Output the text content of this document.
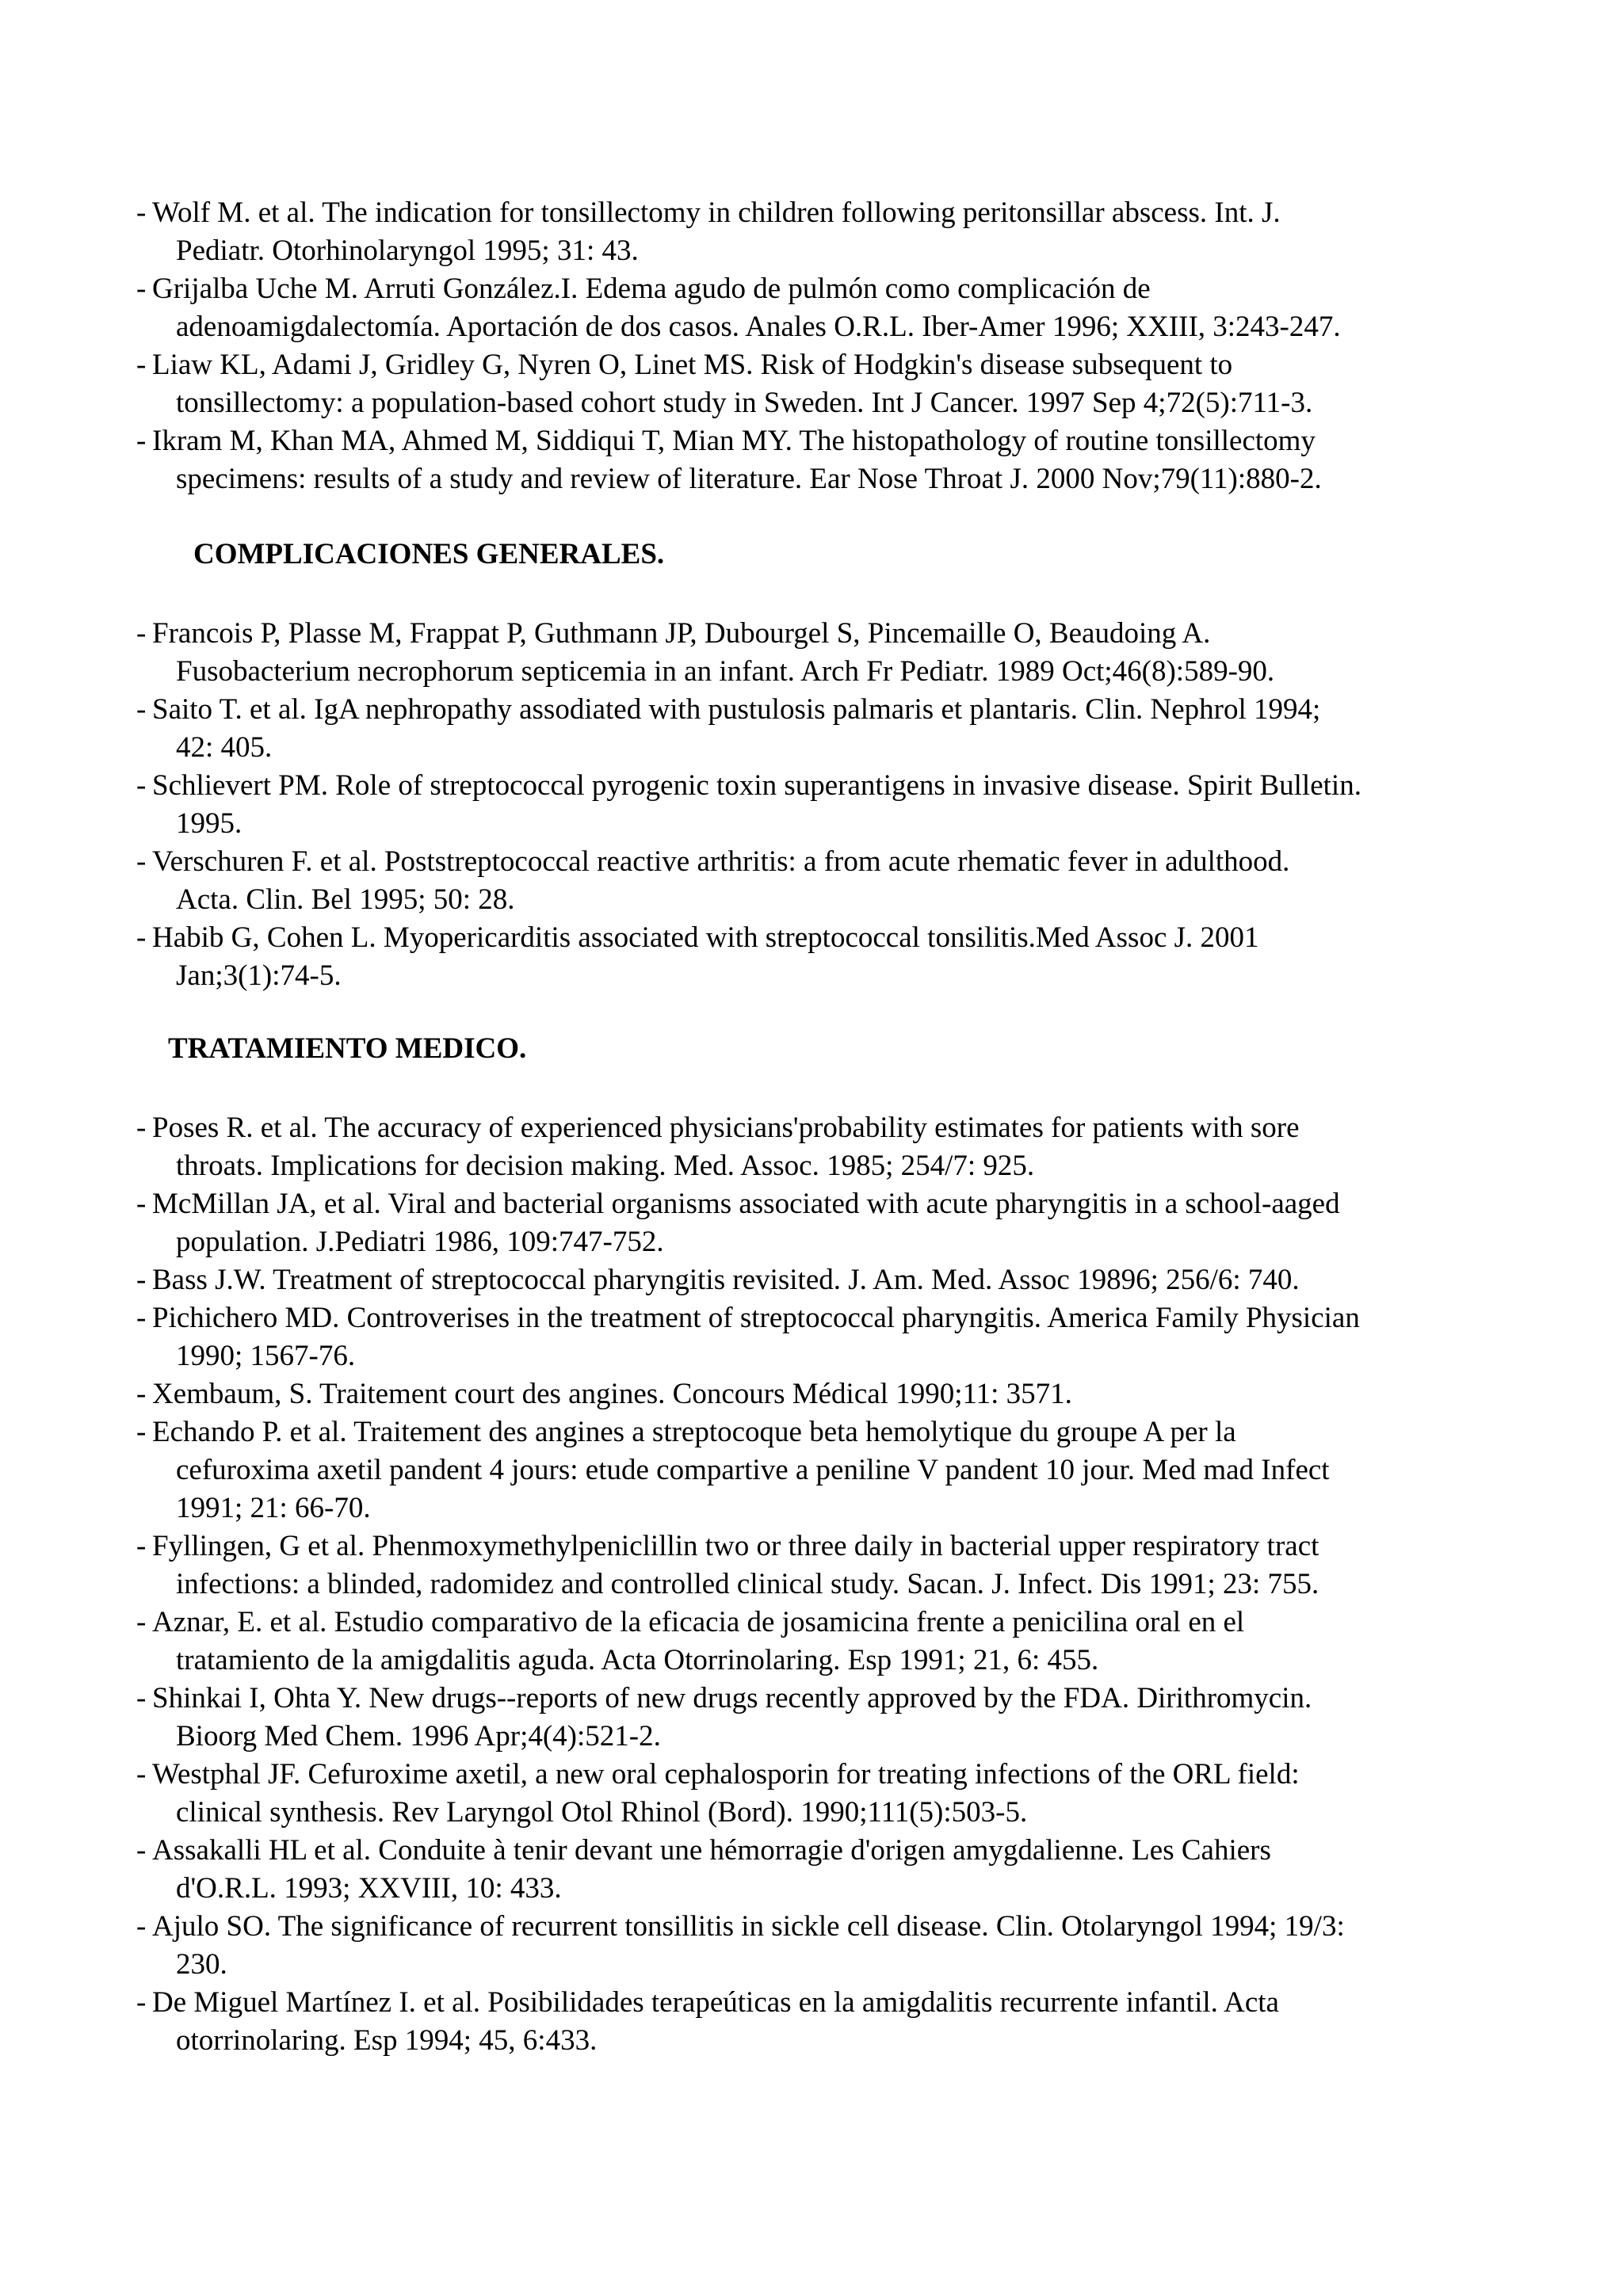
- Wolf M. et al. The indication for tonsillectomy in children following peritonsillar abscess. Int. J.
Pediatr. Otorhinolaryngol 1995; 31: 43.
- Grijalba Uche M. Arruti González.I. Edema agudo de pulmón como complicación de
adenoamigdalectomía. Aportación de dos casos. Anales O.R.L. Iber-Amer 1996; XXIII, 3:243-247.
- Liaw KL, Adami J, Gridley G, Nyren O, Linet MS. Risk of Hodgkin's disease subsequent to
tonsillectomy: a population-based cohort study in Sweden. Int J Cancer. 1997 Sep 4;72(5):711-3.
- Ikram M, Khan MA, Ahmed M, Siddiqui T, Mian MY. The histopathology of routine tonsillectomy
specimens: results of a study and review of literature. Ear Nose Throat J. 2000 Nov;79(11):880-2.
COMPLICACIONES GENERALES.
- Francois P, Plasse M, Frappat P, Guthmann JP, Dubourgel S, Pincemaille O, Beaudoing A.
Fusobacterium necrophorum septicemia in an infant. Arch Fr Pediatr. 1989 Oct;46(8):589-90.
- Saito T. et al. IgA nephropathy assodiated with pustulosis palmaris et plantaris. Clin. Nephrol 1994;
42: 405.
- Schlievert PM. Role of streptococcal pyrogenic toxin superantigens in invasive disease. Spirit Bulletin.
1995.
- Verschuren F. et al. Poststreptococcal reactive arthritis: a from acute rhematic fever in adulthood.
Acta. Clin. Bel 1995; 50: 28.
- Habib G, Cohen L. Myopericarditis associated with streptococcal tonsilitis.Med Assoc J. 2001
Jan;3(1):74-5.
TRATAMIENTO MEDICO.
- Poses R. et al. The accuracy of experienced physicians'probability estimates for patients with sore
throats. Implications for decision making. Med. Assoc. 1985; 254/7: 925.
- McMillan JA, et al. Viral and bacterial organisms associated with acute pharyngitis in a school-aaged
population. J.Pediatri 1986, 109:747-752.
- Bass J.W. Treatment of streptococcal pharyngitis revisited. J. Am. Med. Assoc 19896; 256/6: 740.
- Pichichero MD. Controverises in the treatment of streptococcal pharyngitis. America Family Physician
1990; 1567-76.
- Xembaum, S. Traitement court des angines. Concours Médical 1990;11: 3571.
- Echando P. et al. Traitement des angines a streptocoque beta hemolytique du groupe A per la
cefuroxima axetil pandent 4 jours: etude compartive a peniline V pandent 10 jour. Med mad Infect
1991; 21: 66-70.
- Fyllingen, G et al. Phenmoxymethylpeniclillin two or three daily in bacterial upper respiratory tract
infections: a blinded, radomidez and controlled clinical study. Sacan. J. Infect. Dis 1991; 23: 755.
- Aznar, E. et al. Estudio comparativo de la eficacia de josamicina frente a penicilina oral en el
tratamiento de la amigdalitis aguda. Acta Otorrinolaring. Esp 1991; 21, 6: 455.
- Shinkai I, Ohta Y. New drugs--reports of new drugs recently approved by the FDA. Dirithromycin.
Bioorg Med Chem. 1996 Apr;4(4):521-2.
- Westphal JF. Cefuroxime axetil, a new oral cephalosporin for treating infections of the ORL field:
clinical synthesis. Rev Laryngol Otol Rhinol (Bord). 1990;111(5):503-5.
- Assakalli HL et al. Conduite à tenir devant une hémorragie d'origen amygdalienne. Les Cahiers
d'O.R.L. 1993; XXVIII, 10: 433.
- Ajulo SO. The significance of recurrent tonsillitis in sickle cell disease. Clin. Otolaryngol 1994; 19/3:
230.
- De Miguel Martínez I. et al. Posibilidades terapeúticas en la amigdalitis recurrente infantil. Acta
otorrinolaring. Esp 1994; 45, 6:433.
